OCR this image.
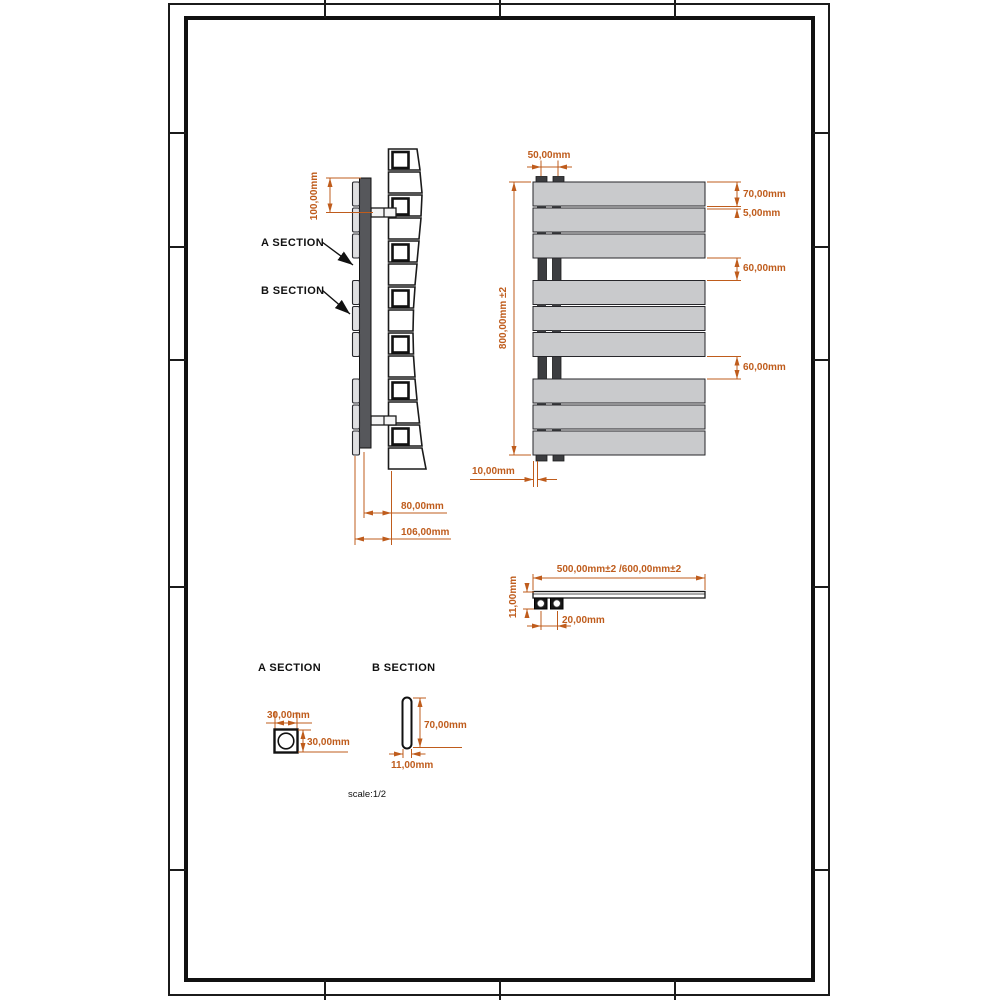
100,00mm
A SECTION
B SECTION
80,00mm
106,00mm
50,00mm
800,00mm ±2
70,00mm
5,00mm
60,00mm
60,00mm
10,00mm
500,00mm±2 /600,00mm±2
11,00mm
20,00mm
A SECTION
30,00mm
30,00mm
B SECTION
70,00mm
11,00mm
scale:1/2
